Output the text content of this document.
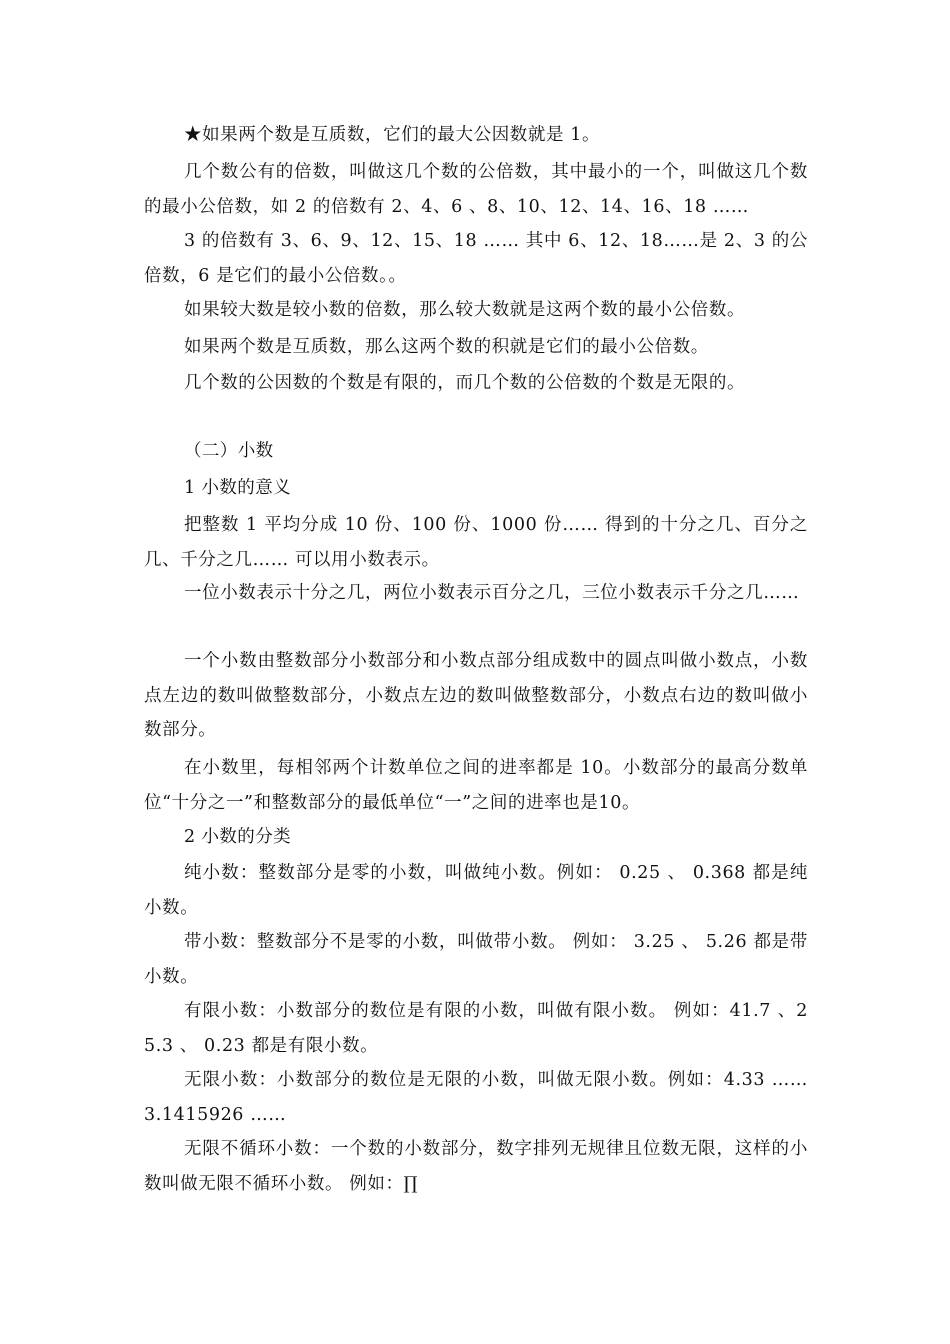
★如果两个数是互质数，它们的最大公因数就是 1。

几个数公有的倍数，叫做这几个数的公倍数，其中最小的一个，叫做这几个数的最小公倍数，如 2 的倍数有 2、4、6 、8、10、12、14、16、18 ……

3 的倍数有 3、6、9、12、15、18 …… 其中 6、12、18……是 2、3 的公倍数，6 是它们的最小公倍数。。

如果较大数是较小数的倍数，那么较大数就是这两个数的最小公倍数。

如果两个数是互质数，那么这两个数的积就是它们的最小公倍数。

几个数的公因数的个数是有限的，而几个数的公倍数的个数是无限的。

（二）小数

1 小数的意义

把整数 1 平均分成 10 份、100 份、1000 份…… 得到的十分之几、百分之几、千分之几…… 可以用小数表示。

一位小数表示十分之几，两位小数表示百分之几，三位小数表示千分之几……

一个小数由整数部分小数部分和小数点部分组成数中的圆点叫做小数点，小数点左边的数叫做整数部分，小数点左边的数叫做整数部分，小数点右边的数叫做小数部分。

在小数里，每相邻两个计数单位之间的进率都是 10。小数部分的最高分数单位“十分之一”和整数部分的最低单位“一”之间的进率也是10。

2 小数的分类

纯小数：整数部分是零的小数，叫做纯小数。例如： 0.25 、 0.368 都是纯小数。

带小数：整数部分不是零的小数，叫做带小数。 例如： 3.25 、 5.26 都是带小数。

有限小数：小数部分的数位是有限的小数，叫做有限小数。 例如：41.7 、25.3 、 0.23 都是有限小数。

无限小数：小数部分的数位是无限的小数，叫做无限小数。例如：4.33 ……3.1415926 ……

无限不循环小数：一个数的小数部分，数字排列无规律且位数无限，这样的小数叫做无限不循环小数。 例如：∏
